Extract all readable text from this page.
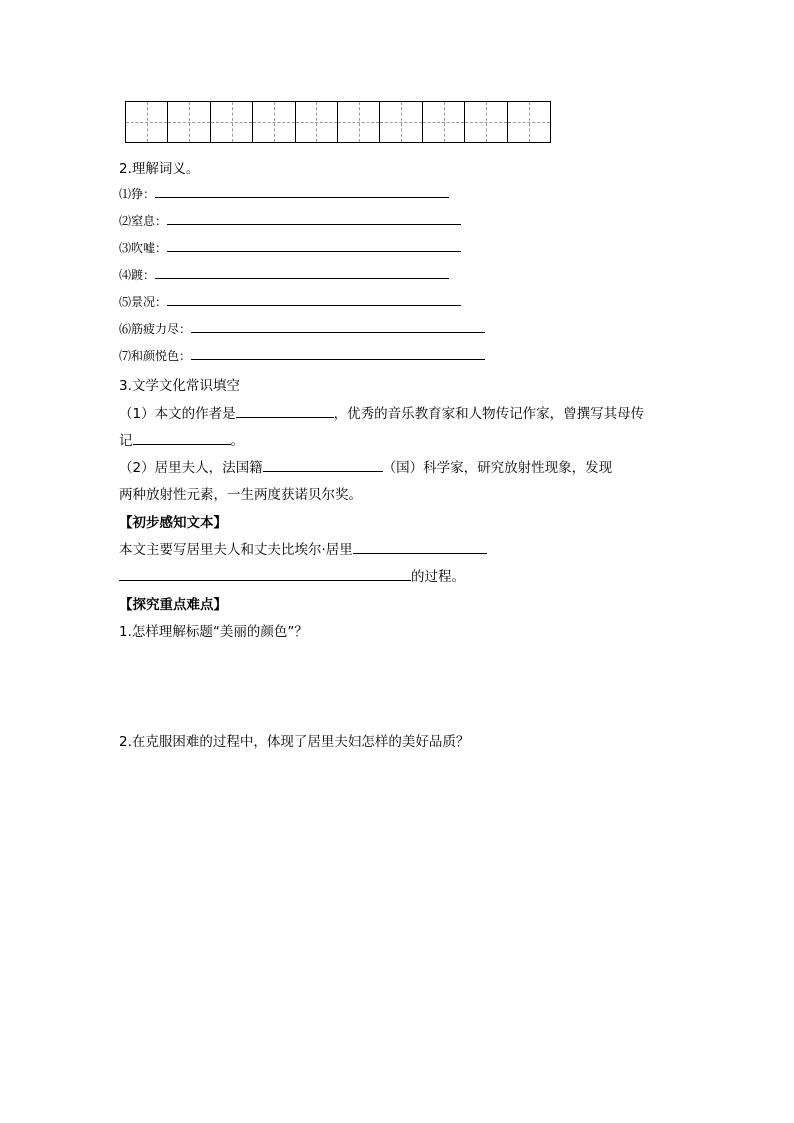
2.理解词义。
⑴狰：
⑵窒息：
⑶吹嘘：
⑷踱：
⑸景况：
⑹筋疲力尽：
⑺和颜悦色：
3.文学文化常识填空
（1）本文的作者是	，优秀的音乐教育家和人物传记作家，曾撰写其母传
记	。
（2）居里夫人，法国籍	（国）科学家，研究放射性现象，发现
两种放射性元素，一生两度获诺贝尔奖。
【初步感知文本】
本文主要写居里夫人和丈夫比埃尔·居里
的过程。
【探究重点难点】
1.怎样理解标题“美丽的颜色”？
2.在克服困难的过程中，体现了居里夫妇怎样的美好品质？
